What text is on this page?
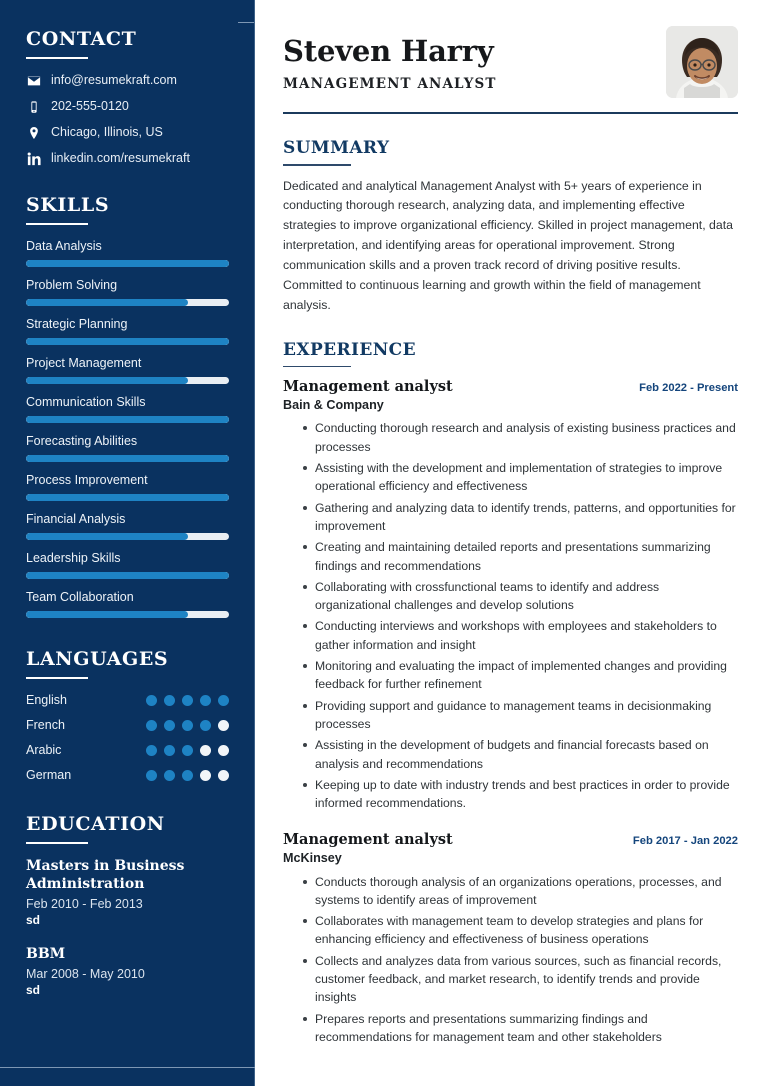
CONTACT
info@resumekraft.com
202-555-0120
Chicago, Illinois, US
linkedin.com/resumekraft
SKILLS
Data Analysis
Problem Solving
Strategic Planning
Project Management
Communication Skills
Forecasting Abilities
Process Improvement
Financial Analysis
Leadership Skills
Team Collaboration
LANGUAGES
English
French
Arabic
German
EDUCATION
Masters in Business Administration
Feb 2010 - Feb 2013
sd
BBM
Mar 2008 - May 2010
sd
Steven Harry
MANAGEMENT ANALYST
SUMMARY

Dedicated and analytical Management Analyst with 5+ years of experience in conducting thorough research, analyzing data, and implementing effective strategies to improve organizational efficiency. Skilled in project management, data interpretation, and identifying areas for operational improvement. Strong communication skills and a proven track record of driving positive results. Committed to continuous learning and growth within the field of management analysis.

EXPERIENCE
Management analyst	Feb 2022 - Present
Bain & Company
Conducting thorough research and analysis of existing business practices and processes
Assisting with the development and implementation of strategies to improve operational efficiency and effectiveness
Gathering and analyzing data to identify trends, patterns, and opportunities for improvement
Creating and maintaining detailed reports and presentations summarizing findings and recommendations
Collaborating with crossfunctional teams to identify and address organizational challenges and develop solutions
Conducting interviews and workshops with employees and stakeholders to gather information and insight
Monitoring and evaluating the impact of implemented changes and providing feedback for further refinement
Providing support and guidance to management teams in decisionmaking processes
Assisting in the development of budgets and financial forecasts based on analysis and recommendations
Keeping up to date with industry trends and best practices in order to provide informed recommendations.
Management analyst	Feb 2017 - Jan 2022
McKinsey
Conducts thorough analysis of an organizations operations, processes, and systems to identify areas of improvement
Collaborates with management team to develop strategies and plans for enhancing efficiency and effectiveness of business operations
Collects and analyzes data from various sources, such as financial records, customer feedback, and market research, to identify trends and provide insights
Prepares reports and presentations summarizing findings and recommendations for management team and other stakeholders
